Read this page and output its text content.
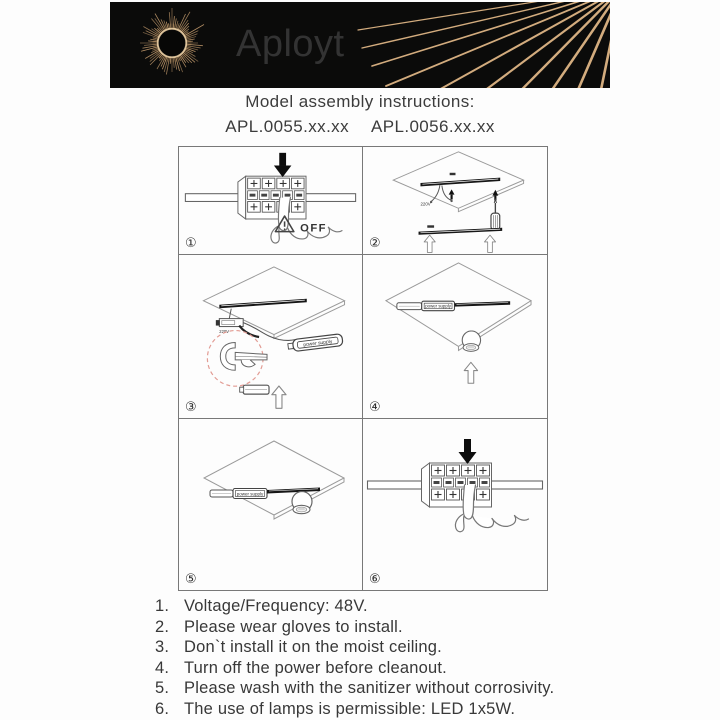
Aployt
Model assembly instructions:
APL.0055.xx.xx APL.0056.xx.xx
OFF
①
220V
②
220V
power supply
③
power supply
④
power supply
⑤	⑥
1. Voltage/Frequency: 48V.
2. Please wear gloves to install.
3. Don`t install it on the moist ceiling.
4. Turn off the power before cleanout.
5. Please wash with the sanitizer without corrosivity.
6. The use of lamps is permissible: LED 1x5W.
